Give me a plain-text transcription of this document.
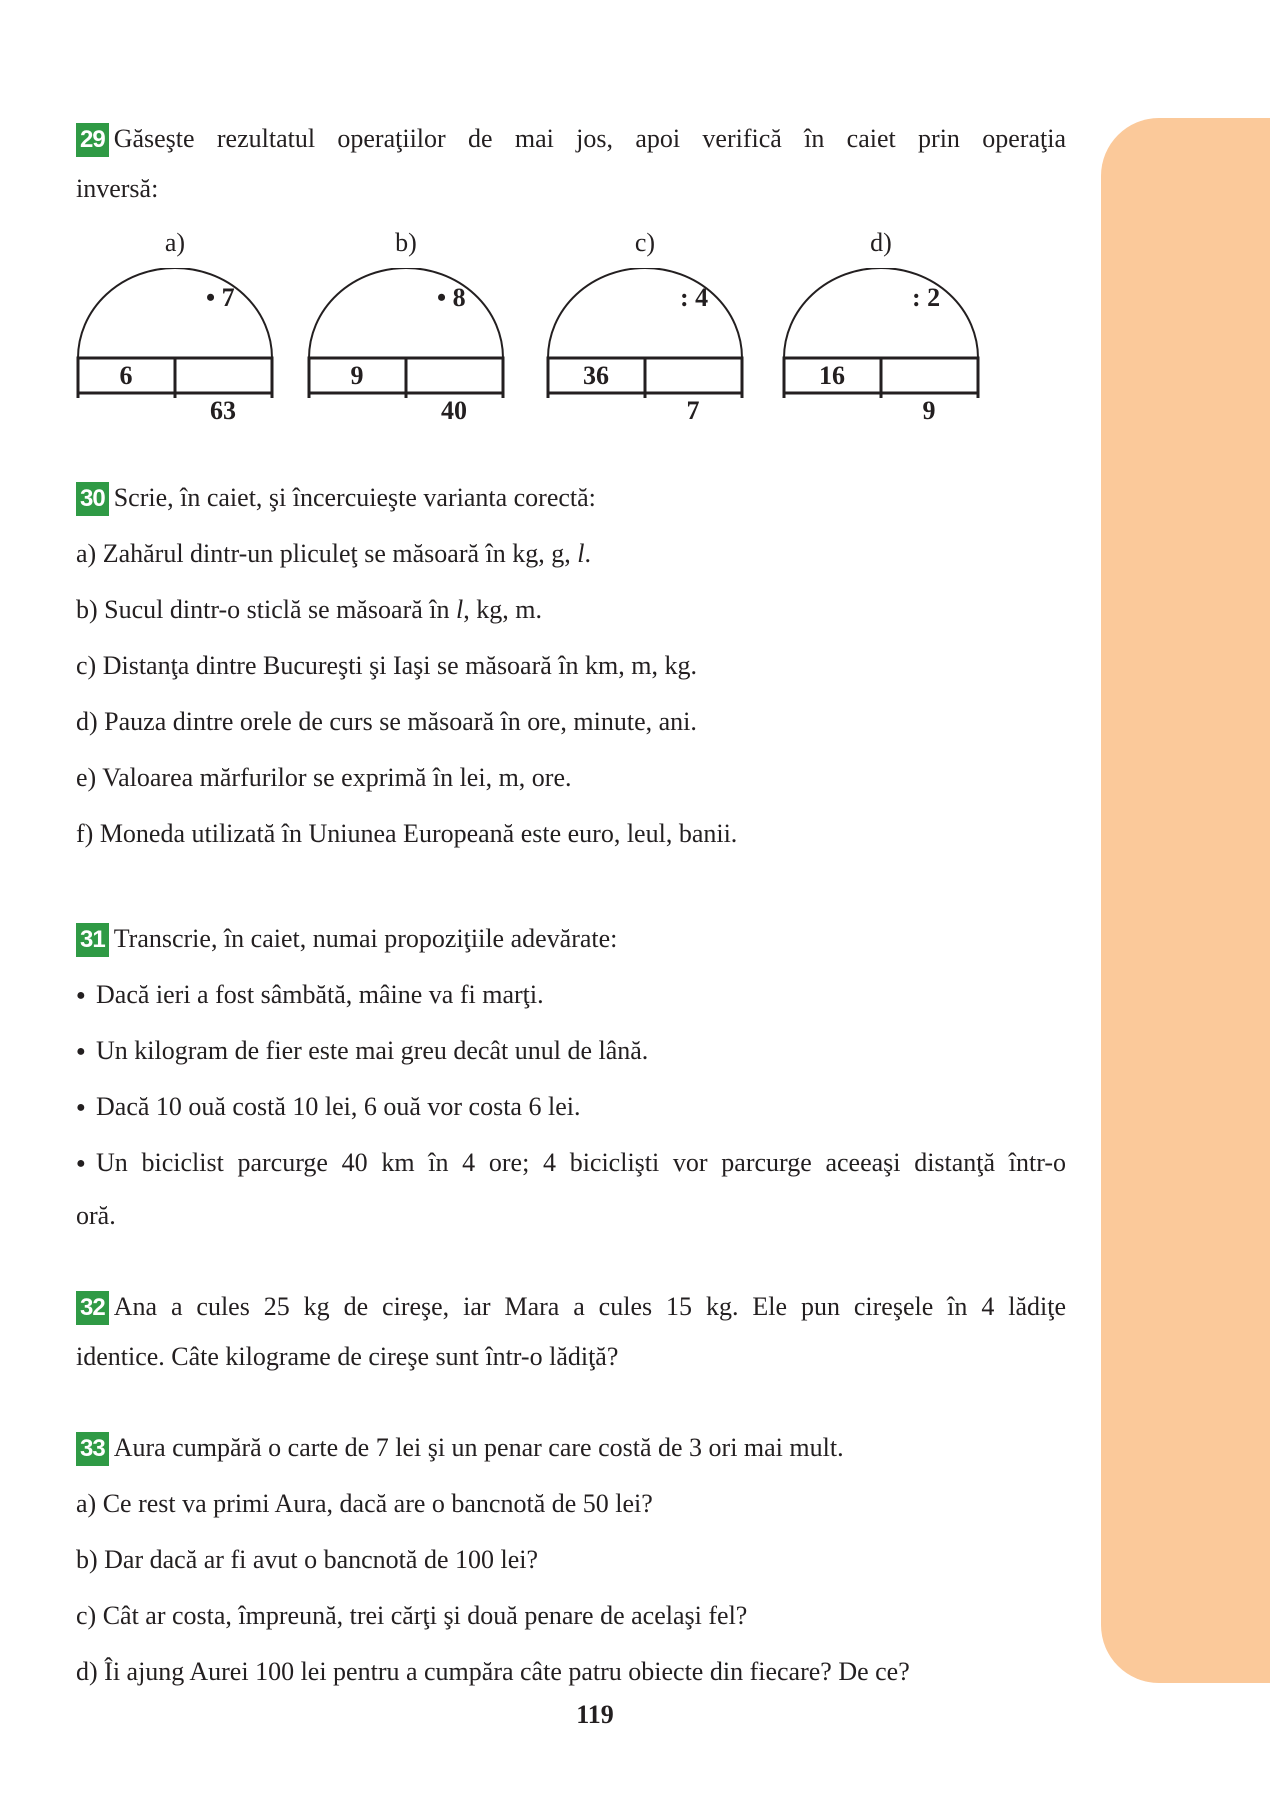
29 Găseşte rezultatul operaţiilor de mai jos, apoi verifică în caiet prin operaţia
inversă:
a)
• 7
6
63
b)
• 8
9
40
c)
: 4
36
7
d)
: 2
16
9
30 Scrie, în caiet, şi încercuieşte varianta corectă:
a) Zahărul dintr-un pliculeţ se măsoară în kg, g, l.
b) Sucul dintr-o sticlă se măsoară în l, kg, m.
c) Distanţa dintre Bucureşti şi Iaşi se măsoară în km, m, kg.
d) Pauza dintre orele de curs se măsoară în ore, minute, ani.
e) Valoarea mărfurilor se exprimă în lei, m, ore.
f) Moneda utilizată în Uniunea Europeană este euro, leul, banii.
31 Transcrie, în caiet, numai propoziţiile adevărate:
● Dacă ieri a fost sâmbătă, mâine va fi marţi.
● Un kilogram de fier este mai greu decât unul de lână.
● Dacă 10 ouă costă 10 lei, 6 ouă vor costa 6 lei.
● Un biciclist parcurge 40 km în 4 ore; 4 biciclişti vor parcurge aceeaşi distanţă într-o
oră.
32 Ana a cules 25 kg de cireşe, iar Mara a cules 15 kg. Ele pun cireşele în 4 lădiţe
identice. Câte kilograme de cireşe sunt într-o lădiţă?
33 Aura cumpără o carte de 7 lei şi un penar care costă de 3 ori mai mult.
a) Ce rest va primi Aura, dacă are o bancnotă de 50 lei?
b) Dar dacă ar fi avut o bancnotă de 100 lei?
c) Cât ar costa, împreună, trei cărţi şi două penare de acelaşi fel?
d) Îi ajung Aurei 100 lei pentru a cumpăra câte patru obiecte din fiecare? De ce?
119
